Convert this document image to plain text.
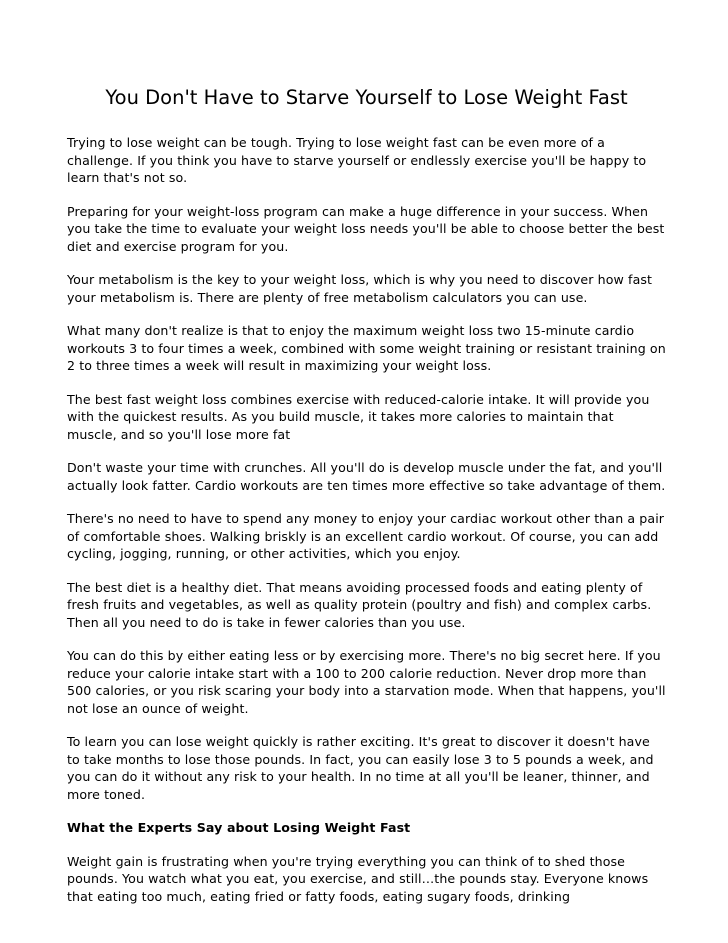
You Don't Have to Starve Yourself to Lose Weight Fast

Trying to lose weight can be tough. Trying to lose weight fast can be even more of a challenge. If you think you have to starve yourself or endlessly exercise you'll be happy to learn that's not so.

Preparing for your weight-loss program can make a huge difference in your success. When you take the time to evaluate your weight loss needs you'll be able to choose better the best diet and exercise program for you.

Your metabolism is the key to your weight loss, which is why you need to discover how fast your metabolism is. There are plenty of free metabolism calculators you can use.

What many don't realize is that to enjoy the maximum weight loss two 15-minute cardio workouts 3 to four times a week, combined with some weight training or resistant training on 2 to three times a week will result in maximizing your weight loss.

The best fast weight loss combines exercise with reduced-calorie intake. It will provide you with the quickest results. As you build muscle, it takes more calories to maintain that muscle, and so you'll lose more fat

Don't waste your time with crunches. All you'll do is develop muscle under the fat, and you'll actually look fatter. Cardio workouts are ten times more effective so take advantage of them.

There's no need to have to spend any money to enjoy your cardiac workout other than a pair of comfortable shoes. Walking briskly is an excellent cardio workout. Of course, you can add cycling, jogging, running, or other activities, which you enjoy.

The best diet is a healthy diet. That means avoiding processed foods and eating plenty of fresh fruits and vegetables, as well as quality protein (poultry and fish) and complex carbs. Then all you need to do is take in fewer calories than you use.

You can do this by either eating less or by exercising more. There's no big secret here. If you reduce your calorie intake start with a 100 to 200 calorie reduction. Never drop more than 500 calories, or you risk scaring your body into a starvation mode. When that happens, you'll not lose an ounce of weight.

To learn you can lose weight quickly is rather exciting. It's great to discover it doesn't have to take months to lose those pounds. In fact, you can easily lose 3 to 5 pounds a week, and you can do it without any risk to your health. In no time at all you'll be leaner, thinner, and more toned.

What the Experts Say about Losing Weight Fast

Weight gain is frustrating when you're trying everything you can think of to shed those pounds. You watch what you eat, you exercise, and still…the pounds stay. Everyone knows that eating too much, eating fried or fatty foods, eating sugary foods, drinking
